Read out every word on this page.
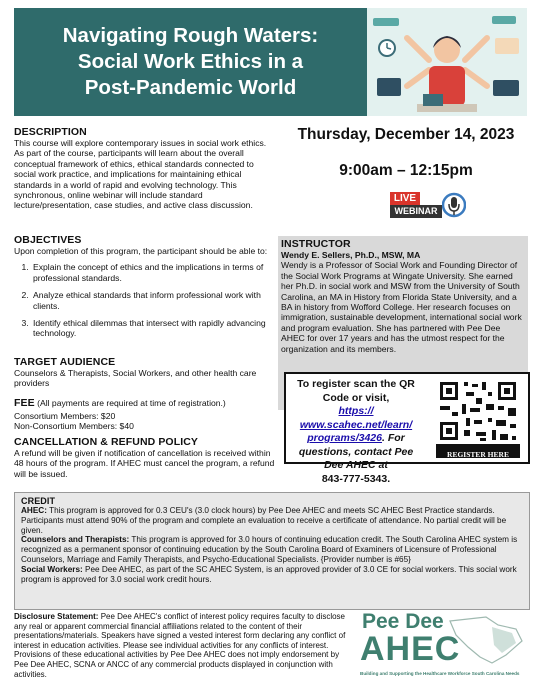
Navigating Rough Waters:
Social Work Ethics in a
Post-Pandemic World
DESCRIPTION
This course will explore contemporary issues in social work ethics. As part of the course, participants will learn about the overall conceptual framework of ethics, ethical standards connected to social work practice, and implications for maintaining ethical standards in a world of rapid and evolving technology. This synchronous, online webinar will include standard lecture/presentation, case studies, and active class discussion.
OBJECTIVES
Upon completion of this program, the participant should be able to:
1. Explain the concept of ethics and the implications in terms of professional standards.
2. Analyze ethical standards that inform professional work with clients.
3. Identify ethical dilemmas that intersect with rapidly advancing technology.
TARGET AUDIENCE
Counselors & Therapists, Social Workers, and other health care providers
FEE (All payments are required at time of registration.)
Consortium Members: $20
Non-Consortium Members: $40
CANCELLATION & REFUND POLICY
A refund will be given if notification of cancellation is received within 48 hours of the program. If AHEC must cancel the program, a refund will be issued.
Thursday, December 14, 2023
9:00am – 12:15pm
LIVE
WEBINAR
INSTRUCTOR
Wendy E. Sellers, Ph.D., MSW, MA
Wendy is a Professor of Social Work and Founding Director of the Social Work Programs at Wingate University. She earned her Ph.D. in social work and MSW from the University of South Carolina, an MA in History from Florida State University, and a BA in history from Wofford College. Her research focuses on immigration, sustainable development, international social work and program evaluation. She has partnered with Pee Dee AHEC for over 17 years and has the utmost respect for the organization and its members.
To register scan the QR Code or visit,
https://
www.scahec.net/learn/
programs/3426. For questions, contact Pee Dee AHEC at
843-777-5343.
REGISTER HERE
CREDIT
AHEC: This program is approved for 0.3 CEU's (3.0 clock hours) by Pee Dee AHEC and meets SC AHEC Best Practice standards. Participants must attend 90% of the program and complete an evaluation to receive a certificate of attendance. No partial credit will be given.
Counselors and Therapists: This program is approved for 3.0 hours of continuing education credit. The South Carolina AHEC system is recognized as a permanent sponsor of continuing education by the South Carolina Board of Examiners of Licensure of Professional Counselors, Marriage and Family Therapists, and Psycho-Educational Specialists. {Provider number is #65}
Social Workers: Pee Dee AHEC, as part of the SC AHEC System, is an approved provider of 3.0 CE for social workers. This social work program is approved for 3.0 social work credit hours.
Disclosure Statement: Pee Dee AHEC's conflict of interest policy requires faculty to disclose any real or apparent commercial financial affiliations related to the content of their presentations/materials. Speakers have signed a vested interest form declaring any conflict of interest in education activities. Please see individual activities for any conflicts of interest. Provisions of these educational activities by Pee Dee AHEC does not imply endorsement by Pee Dee AHEC, SCNA or ANCC of any commercial products displayed in conjunction with activities.
Pee Dee
AHEC
Building and Supporting the Healthcare Workforce South Carolina Needs
